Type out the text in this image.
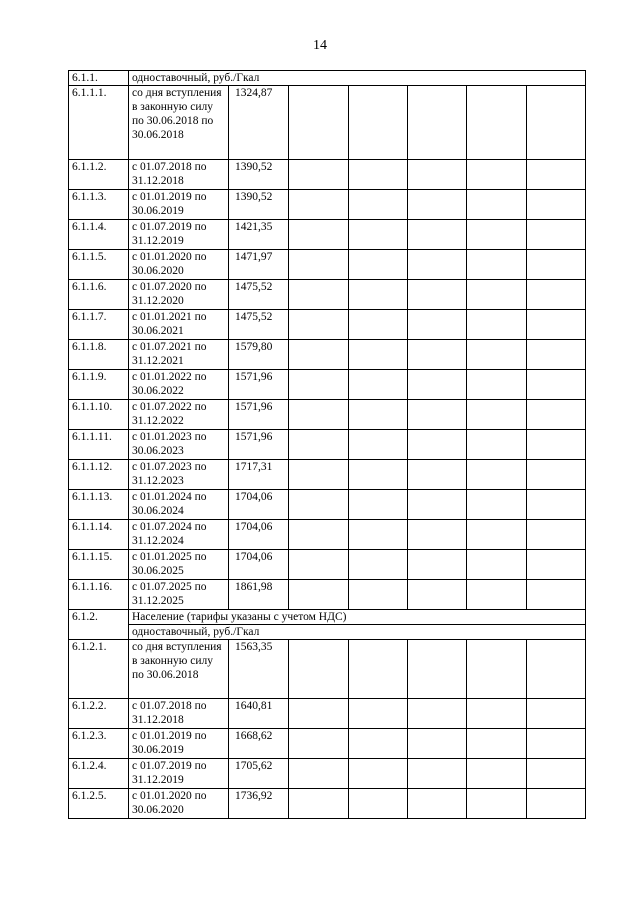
14
6.1.1.	одноставочный, руб./Гкал						
6.1.1.1.	со дня вступления в законную силу по 30.06.2018 по 30.06.2018	1324,87					
6.1.1.2.	с 01.07.2018 по 31.12.2018	1390,52					
6.1.1.3.	с 01.01.2019 по 30.06.2019	1390,52					
6.1.1.4.	с 01.07.2019 по 31.12.2019	1421,35					
6.1.1.5.	с 01.01.2020 по 30.06.2020	1471,97					
6.1.1.6.	с 01.07.2020 по 31.12.2020	1475,52					
6.1.1.7.	с 01.01.2021 по 30.06.2021	1475,52					
6.1.1.8.	с 01.07.2021 по 31.12.2021	1579,80					
6.1.1.9.	с 01.01.2022 по 30.06.2022	1571,96					
6.1.1.10.	с 01.07.2022 по 31.12.2022	1571,96					
6.1.1.11.	с 01.01.2023 по 30.06.2023	1571,96					
6.1.1.12.	с 01.07.2023 по 31.12.2023	1717,31					
6.1.1.13.	с 01.01.2024 по 30.06.2024	1704,06					
6.1.1.14.	с 01.07.2024 по 31.12.2024	1704,06					
6.1.1.15.	с 01.01.2025 по 30.06.2025	1704,06					
6.1.1.16.	с 01.07.2025 по 31.12.2025	1861,98					
6.1.2.	Население (тарифы указаны с учетом НДС)						
	одноставочный, руб./Гкал						
6.1.2.1.	со дня вступления в законную силу по 30.06.2018	1563,35					
6.1.2.2.	с 01.07.2018 по 31.12.2018	1640,81					
6.1.2.3.	с 01.01.2019 по 30.06.2019	1668,62					
6.1.2.4.	с 01.07.2019 по 31.12.2019	1705,62					
6.1.2.5.	с 01.01.2020 по 30.06.2020	1736,92					
